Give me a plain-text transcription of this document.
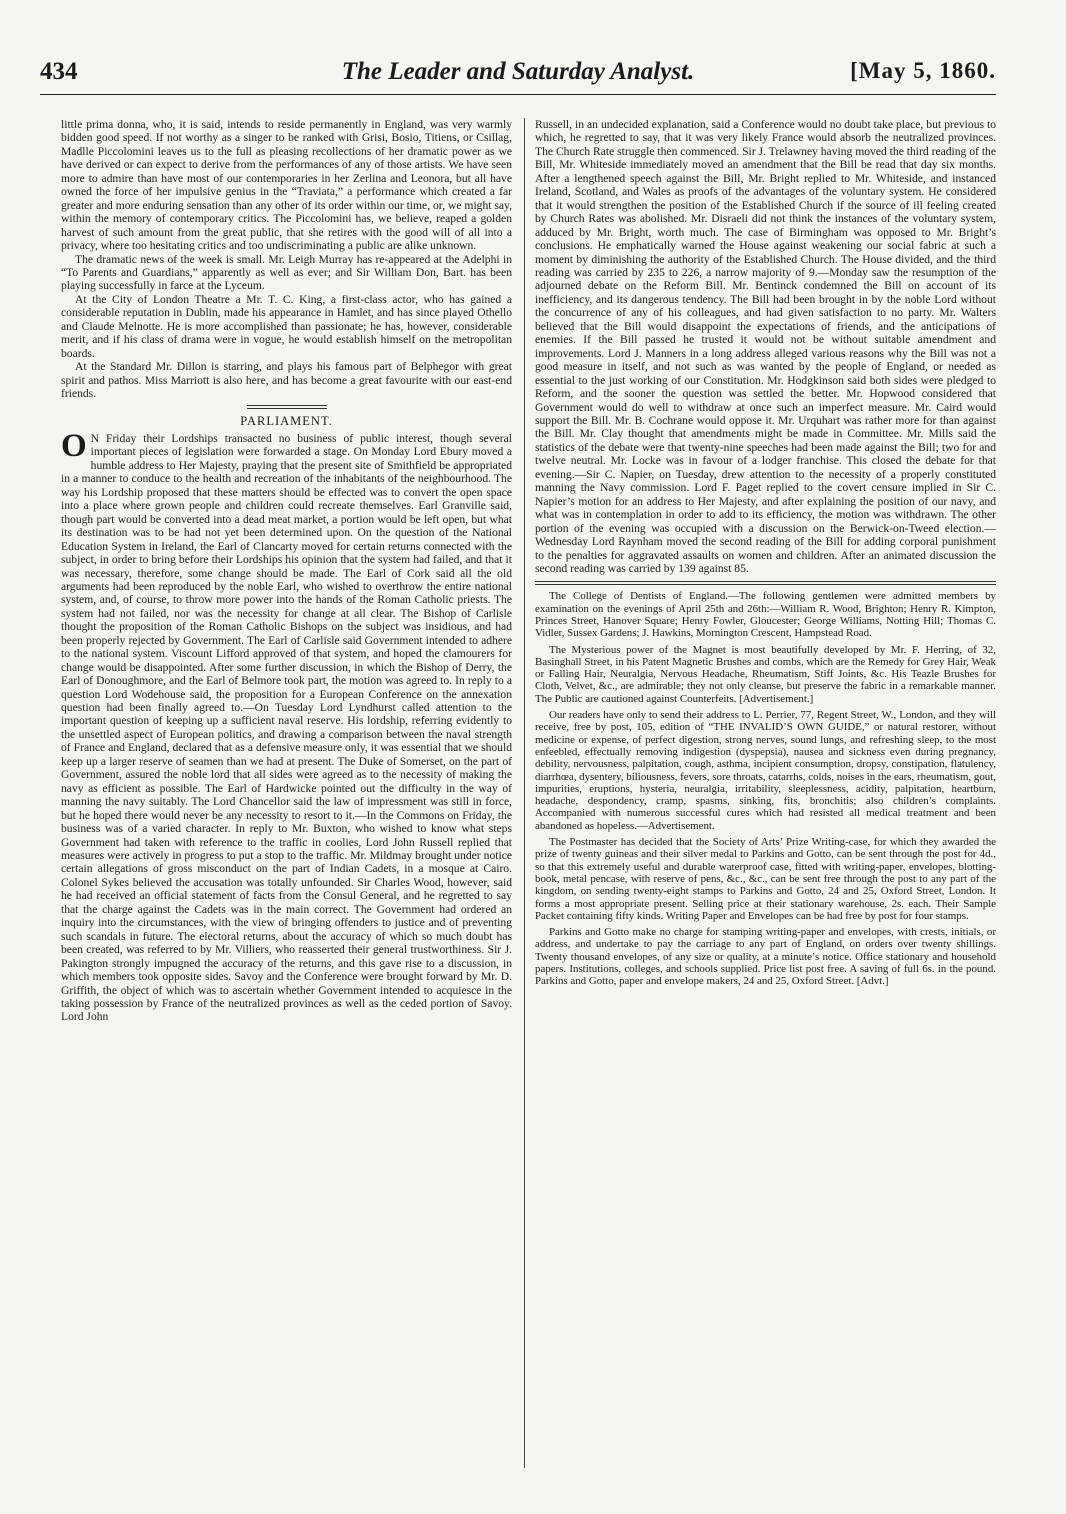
434	The Leader and Saturday Analyst.	[May 5, 1860.

little prima donna, who, it is said, intends to reside permanently in England, was very warmly bidden good speed. If not worthy as a singer to be ranked with Grisi, Bosio, Titiens, or Csillag, Madlle Piccolomini leaves us to the full as pleasing recollections of her dramatic power as we have derived or can expect to derive from the performances of any of those artists. We have seen more to admire than have most of our contemporaries in her Zerlina and Leonora, but all have owned the force of her impulsive genius in the “Traviata,” a performance which created a far greater and more enduring sensation than any other of its order within our time, or, we might say, within the memory of contemporary critics. The Piccolomini has, we believe, reaped a golden harvest of such amount from the great public, that she retires with the good will of all into a privacy, where too hesitating critics and too undiscriminating a public are alike unknown.

The dramatic news of the week is small. Mr. Leigh Murray has re-appeared at the Adelphi in “To Parents and Guardians,” apparently as well as ever; and Sir William Don, Bart. has been playing successfully in farce at the Lyceum.

At the City of London Theatre a Mr. T. C. King, a first-class actor, who has gained a considerable reputation in Dublin, made his appearance in Hamlet, and has since played Othello and Claude Melnotte. He is more accomplished than passionate; he has, however, considerable merit, and if his class of drama were in vogue, he would establish himself on the metropolitan boards.

At the Standard Mr. Dillon is starring, and plays his famous part of Belphegor with great spirit and pathos. Miss Marriott is also here, and has become a great favourite with our east-end friends.

PARLIAMENT.

O N Friday their Lordships transacted no business of public interest, though several important pieces of legislation were forwarded a stage. On Monday Lord Ebury moved a humble address to Her Majesty, praying that the present site of Smithfield be appropriated in a manner to conduce to the health and recreation of the inhabitants of the neighbourhood. The way his Lordship proposed that these matters should be effected was to convert the open space into a place where grown people and children could recreate themselves. Earl Granville said, though part would be converted into a dead meat market, a portion would be left open, but what its destination was to be had not yet been determined upon. On the question of the National Education System in Ireland, the Earl of Clancarty moved for certain returns connected with the subject, in order to bring before their Lordships his opinion that the system had failed, and that it was necessary, therefore, some change should be made. The Earl of Cork said all the old arguments had been reproduced by the noble Earl, who wished to overthrow the entire national system, and, of course, to throw more power into the hands of the Roman Catholic priests. The system had not failed, nor was the necessity for change at all clear. The Bishop of Carlisle thought the proposition of the Roman Catholic Bishops on the subject was insidious, and had been properly rejected by Government. The Earl of Carlisle said Government intended to adhere to the national system. Viscount Lifford approved of that system, and hoped the clamourers for change would be disappointed. After some further discussion, in which the Bishop of Derry, the Earl of Donoughmore, and the Earl of Belmore took part, the motion was agreed to. In reply to a question Lord Wodehouse said, the proposition for a European Conference on the annexation question had been finally agreed to.—On Tuesday Lord Lyndhurst called attention to the important question of keeping up a sufficient naval reserve. His lordship, referring evidently to the unsettled aspect of European politics, and drawing a comparison between the naval strength of France and England, declared that as a defensive measure only, it was essential that we should keep up a larger reserve of seamen than we had at present. The Duke of Somerset, on the part of Government, assured the noble lord that all sides were agreed as to the necessity of making the navy as efficient as possible. The Earl of Hardwicke pointed out the difficulty in the way of manning the navy suitably. The Lord Chancellor said the law of impressment was still in force, but he hoped there would never be any necessity to resort to it.—In the Commons on Friday, the business was of a varied character. In reply to Mr. Buxton, who wished to know what steps Government had taken with reference to the traffic in coolies, Lord John Russell replied that measures were actively in progress to put a stop to the traffic. Mr. Mildmay brought under notice certain allegations of gross misconduct on the part of Indian Cadets, in a mosque at Cairo. Colonel Sykes believed the accusation was totally unfounded. Sir Charles Wood, however, said he had received an official statement of facts from the Consul General, and he regretted to say that the charge against the Cadets was in the main correct. The Government had ordered an inquiry into the circumstances, with the view of bringing offenders to justice and of preventing such scandals in future. The electoral returns, about the accuracy of which so much doubt has been created, was referred to by Mr. Villiers, who reasserted their general trustworthiness. Sir J. Pakington strongly impugned the accuracy of the returns, and this gave rise to a discussion, in which members took opposite sides. Savoy and the Conference were brought forward by Mr. D. Griffith, the object of which was to ascertain whether Government intended to acquiesce in the taking possession by France of the neutralized provinces as well as the ceded portion of Savoy. Lord John

Russell, in an undecided explanation, said a Conference would no doubt take place, but previous to which, he regretted to say, that it was very likely France would absorb the neutralized provinces. The Church Rate struggle then commenced. Sir J. Trelawney having moved the third reading of the Bill, Mr. Whiteside immediately moved an amendment that the Bill be read that day six months. After a lengthened speech against the Bill, Mr. Bright replied to Mr. Whiteside, and instanced Ireland, Scotland, and Wales as proofs of the advantages of the voluntary system. He considered that it would strengthen the position of the Established Church if the source of ill feeling created by Church Rates was abolished. Mr. Disraeli did not think the instances of the voluntary system, adduced by Mr. Bright, worth much. The case of Birmingham was opposed to Mr. Bright’s conclusions. He emphatically warned the House against weakening our social fabric at such a moment by diminishing the authority of the Established Church. The House divided, and the third reading was carried by 235 to 226, a narrow majority of 9.—Monday saw the resumption of the adjourned debate on the Reform Bill. Mr. Bentinck condemned the Bill on account of its inefficiency, and its dangerous tendency. The Bill had been brought in by the noble Lord without the concurrence of any of his colleagues, and had given satisfaction to no party. Mr. Walters believed that the Bill would disappoint the expectations of friends, and the anticipations of enemies. If the Bill passed he trusted it would not be without suitable amendment and improvements. Lord J. Manners in a long address alleged various reasons why the Bill was not a good measure in itself, and not such as was wanted by the people of England, or needed as essential to the just working of our Constitution. Mr. Hodgkinson said both sides were pledged to Reform, and the sooner the question was settled the better. Mr. Hopwood considered that Government would do well to withdraw at once such an imperfect measure. Mr. Caird would support the Bill. Mr. B. Cochrane would oppose it. Mr. Urquhart was rather more for than against the Bill. Mr. Clay thought that amendments might be made in Committee. Mr. Mills said the statistics of the debate were that twenty-nine speeches had been made against the Bill; two for and twelve neutral. Mr. Locke was in favour of a lodger franchise. This closed the debate for that evening.—Sir C. Napier, on Tuesday, drew attention to the necessity of a properly constituted manning the Navy commission. Lord F. Paget replied to the covert censure implied in Sir C. Napier’s motion for an address to Her Majesty, and after explaining the position of our navy, and what was in contemplation in order to add to its efficiency, the motion was withdrawn. The other portion of the evening was occupied with a discussion on the Berwick-on-Tweed election.—Wednesday Lord Raynham moved the second reading of the Bill for adding corporal punishment to the penalties for aggravated assaults on women and children. After an animated discussion the second reading was carried by 139 against 85.

The College of Dentists of England.—The following gentlemen were admitted members by examination on the evenings of April 25th and 26th:—William R. Wood, Brighton; Henry R. Kimpton, Princes Street, Hanover Square; Henry Fowler, Gloucester; George Williams, Notting Hill; Thomas C. Vidler, Sussex Gardens; J. Hawkins, Mornington Crescent, Hampstead Road.

The Mysterious power of the Magnet is most beautifully developed by Mr. F. Herring, of 32, Basinghall Street, in his Patent Magnetic Brushes and combs, which are the Remedy for Grey Hair, Weak or Falling Hair, Neuralgia, Nervous Headache, Rheumatism, Stiff Joints, &c. His Teazle Brushes for Cloth, Velvet, &c., are admirable; they not only cleanse, but preserve the fabric in a remarkable manner. The Public are cautioned against Counterfeits. [Advertisement.]

Our readers have only to send their address to L. Perrier, 77, Regent Street, W., London, and they will receive, free by post, 105, edition of “THE INVALID’S OWN GUIDE,” or natural restorer, without medicine or expense, of perfect digestion, strong nerves, sound lungs, and refreshing sleep, to the most enfeebled, effectually removing indigestion (dyspepsia), nausea and sickness even during pregnancy, debility, nervousness, palpitation, cough, asthma, incipient consumption, dropsy, constipation, flatulency, diarrhœa, dysentery, biliousness, fevers, sore throats, catarrhs, colds, noises in the ears, rheumatism, gout, impurities, eruptions, hysteria, neuralgia, irritability, sleeplessness, acidity, palpitation, heartburn, headache, despondency, cramp, spasms, sinking, fits, bronchitis; also children’s complaints. Accompanied with numerous successful cures which had resisted all medical treatment and been abandoned as hopeless.—Advertisement.

The Postmaster has decided that the Society of Arts’ Prize Writing-case, for which they awarded the prize of twenty guineas and their silver medal to Parkins and Gotto, can be sent through the post for 4d., so that this extremely useful and durable waterproof case, fitted with writing-paper, envelopes, blotting-book, metal pencase, with reserve of pens, &c., &c., can be sent free through the post to any part of the kingdom, on sending twenty-eight stamps to Parkins and Gotto, 24 and 25, Oxford Street, London. It forms a most appropriate present. Selling price at their stationary warehouse, 2s. each. Their Sample Packet containing fifty kinds. Writing Paper and Envelopes can be had free by post for four stamps.

Parkins and Gotto make no charge for stamping writing-paper and envelopes, with crests, initials, or address, and undertake to pay the carriage to any part of England, on orders over twenty shillings. Twenty thousand envelopes, of any size or quality, at a minute’s notice. Office stationary and household papers. Institutions, colleges, and schools supplied. Price list post free. A saving of full 6s. in the pound. Parkins and Gotto, paper and envelope makers, 24 and 25, Oxford Street. [Advt.]
